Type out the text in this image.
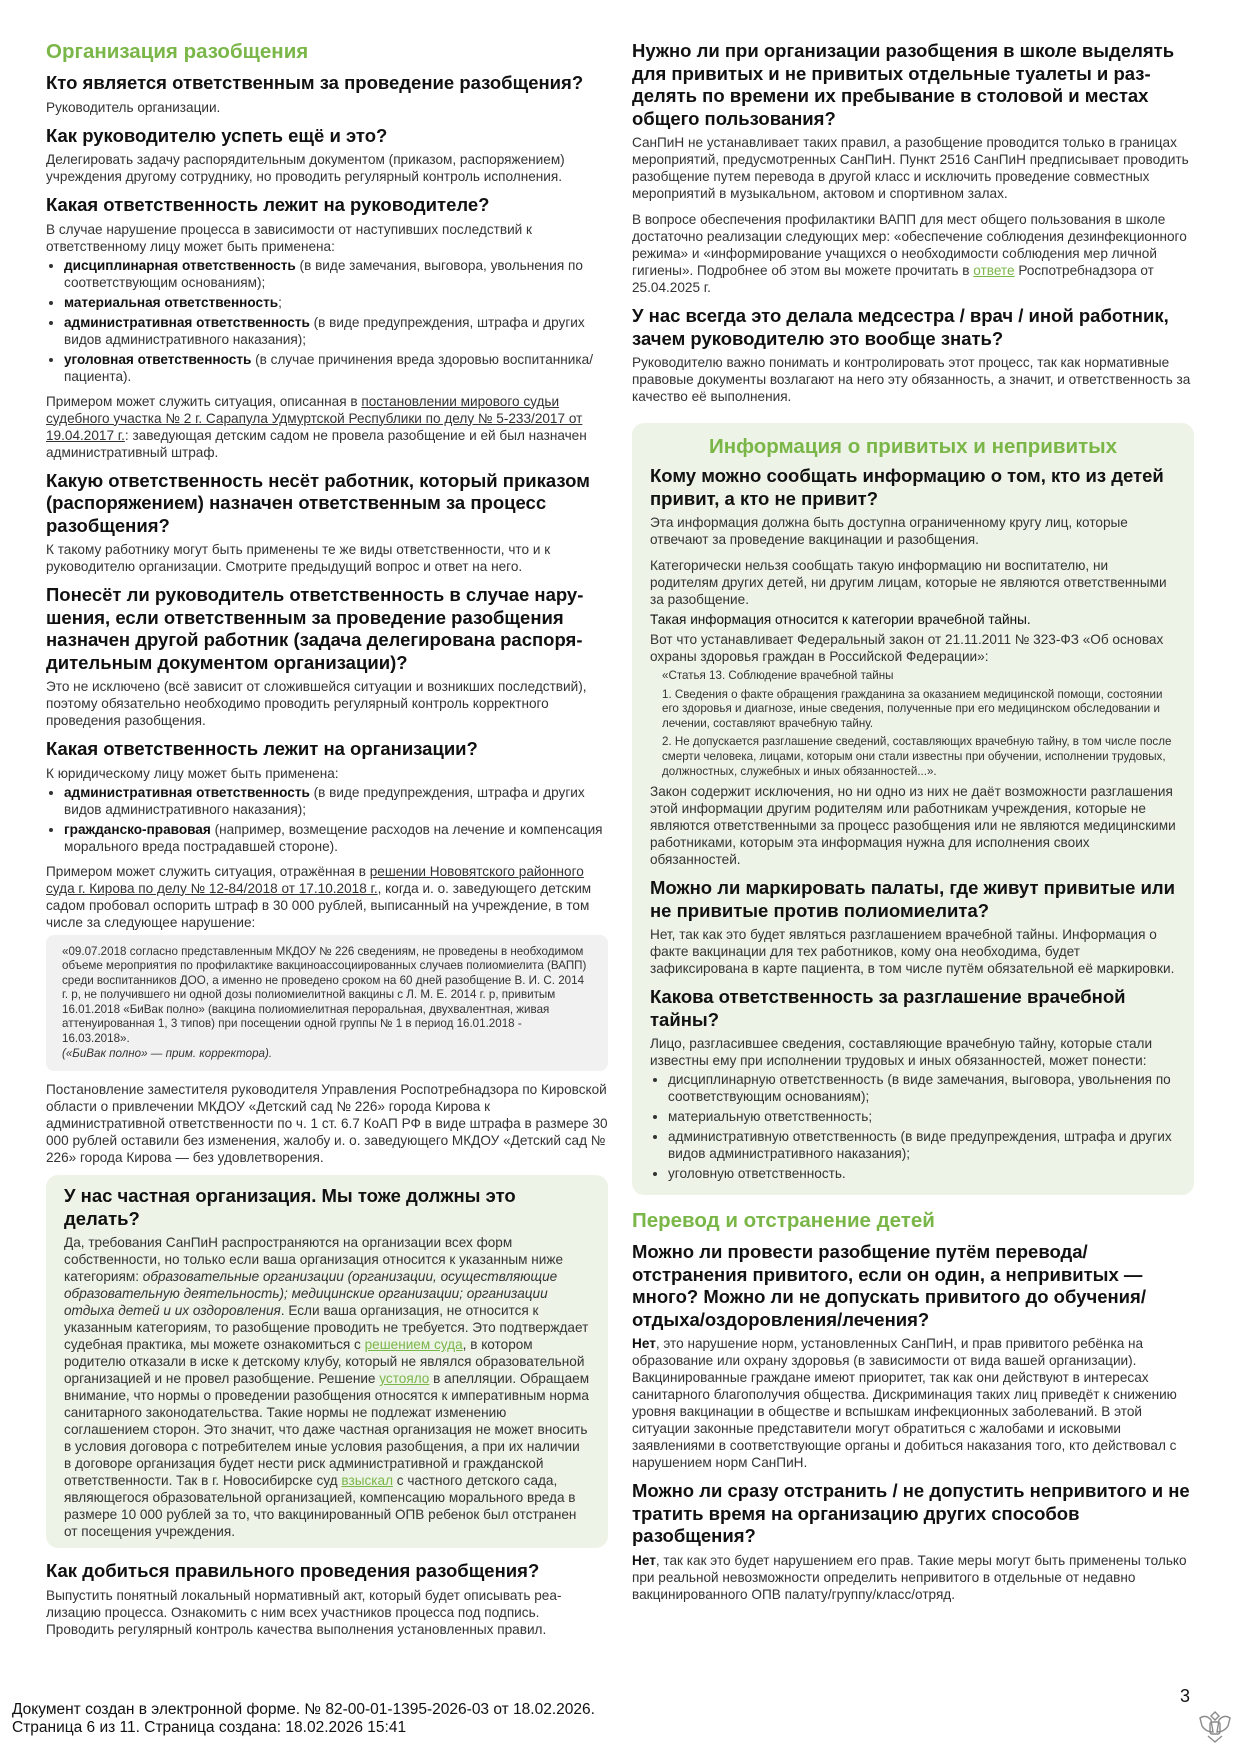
Организация разобщения
Кто является ответственным за проведение разобщения?
Руководитель организации.
Как руководителю успеть ещё и это?
Делегировать задачу распорядительным документом (приказом, распоряжением) учреждения другому сотруднику, но проводить регулярный контроль исполнения.
Какая ответственность лежит на руководителе?
В случае нарушение процесса в зависимости от наступивших последствий к ответственному лицу может быть применена:
• дисциплинарная ответственность (в виде замечания, выговора, увольнения по соответствующим основаниям);
• материальная ответственность;
• административная ответственность (в виде предупреждения, штрафа и других видов административного наказания);
• уголовная ответственность (в случае причинения вреда здоровью воспитанника/пациента).
Примером может служить ситуация, описанная в постановлении мирового судьи судебного участка № 2 г. Сарапула Удмуртской Республики по делу № 5-233/2017 от 19.04.2017 г.: заведующая детским садом не провела разобщение и ей был назначен административный штраф.
Какую ответственность несёт работник, который приказом (распоряжением) назначен ответственным за процесс разобщения?
К такому работнику могут быть применены те же виды ответственности, что и к руководителю организации. Смотрите предыдущий вопрос и ответ на него.
Понесёт ли руководитель ответственность в случае нарушения, если ответственным за проведение разобщения назначен другой работник (задача делегирована распорядительным документом организации)?
Это не исключено (всё зависит от сложившейся ситуации и возникших последствий), поэтому обязательно необходимо проводить регулярный контроль корректного проведения разобщения.
Какая ответственность лежит на организации?
К юридическому лицу может быть применена:
• административная ответственность (в виде предупреждения, штрафа и других видов административного наказания);
• гражданско-правовая (например, возмещение расходов на лечение и компенсация морального вреда пострадавшей стороне).
Примером может служить ситуация, отражённая в решении Нововятского районного суда г. Кирова по делу № 12-84/2018 от 17.10.2018 г., когда и. о. заведующего детским садом пробовал оспорить штраф в 30 000 рублей, выписанный на учреждение, в том числе за следующее нарушение:
«09.07.2018 согласно представленным МКДОУ № 226 сведениям, не проведены в необходимом объеме мероприятия по профилактике вакциноассоциированных случаев полиомиелита (ВАПП) среди воспитанников ДОО, а именно не проведено сроком на 60 дней разобщение В. И. С. 2014 г. р, не получившего ни одной дозы полиомиелитной вакцины с Л. М. Е. 2014 г. р, привитым 16.01.2018 «БиВак полно» (вакцина полиомиелитная пероральная, двухвалентная, живая аттенуированная 1, 3 типов) при посещении одной группы № 1 в период 16.01.2018 - 16.03.2018».
(«БиВак полно» — прим. корректора).
Постановление заместителя руководителя Управления Роспотребнадзора по Кировской области о привлечении МКДОУ «Детский сад № 226» города Кирова к административной ответственности по ч. 1 ст. 6.7 КоАП РФ в виде штрафа в размере 30 000 рублей оставили без изменения, жалобу и. о. заведующего МКДОУ «Детский сад № 226» города Кирова — без удовлетворения.
У нас частная организация. Мы тоже должны это делать?
Да, требования СанПиН распространяются на организации всех форм собственности, но только если ваша организация относится к указанным ниже категориям: образовательные организации (организации, осуществляющие образовательную деятельность); медицинские организации; организации отдыха детей и их оздоровления. Если ваша организация, не относится к указанным категориям, то разобщение проводить не требуется. Это подтверждает судебная практика, мы можете ознакомиться с решением суда, в котором родителю отказали в иске к детскому клубу, который не являлся образовательной организацией и не провел разобщение. Решение устояло в апелляции. Обращаем внимание, что нормы о проведении разобщения относятся к императивным норма санитарного законодательства. Такие нормы не подлежат изменению соглашением сторон. Это значит, что даже частная организация не может вносить в условия договора с потребителем иные условия разобщения, а при их наличии в договоре организация будет нести риск административной и гражданской ответственности. Так в г. Новосибирске суд взыскал с частного детского сада, являющегося образовательной организацией, компенсацию морального вреда в размере 10 000 рублей за то, что вакцинированный ОПВ ребенок был отстранен от посещения учреждения.
Как добиться правильного проведения разобщения?
Выпустить понятный локальный нормативный акт, который будет описывать реализацию процесса. Ознакомить с ним всех участников процесса под подпись. Проводить регулярный контроль качества выполнения установленных правил.
Нужно ли при организации разобщения в школе выделять для привитых и не привитых отдельные туалеты и разделять по времени их пребывание в столовой и местах общего пользования?
СанПиН не устанавливает таких правил, а разобщение проводится только в границах мероприятий, предусмотренных СанПиН. Пункт 2516 СанПиН предписывает проводить разобщение путем перевода в другой класс и исключить проведение совместных мероприятий в музыкальном, актовом и спортивном залах.
В вопросе обеспечения профилактики ВАПП для мест общего пользования в школе достаточно реализации следующих мер: «обеспечение соблюдения дезинфекционного режима» и «информирование учащихся о необходимости соблюдения мер личной гигиены». Подробнее об этом вы можете прочитать в ответе Роспотребнадзора от 25.04.2025 г.
У нас всегда это делала медсестра / врач / иной работник, зачем руководителю это вообще знать?
Руководителю важно понимать и контролировать этот процесс, так как нормативные правовые документы возлагают на него эту обязанность, а значит, и ответственность за качество её выполнения.
Информация о привитых и непривитых
Кому можно сообщать информацию о том, кто из детей привит, а кто не привит?
Эта информация должна быть доступна ограниченному кругу лиц, которые отвечают за проведение вакцинации и разобщения.
Категорически нельзя сообщать такую информацию ни воспитателю, ни родителям других детей, ни другим лицам, которые не являются ответственными за разобщение.
Такая информация относится к категории врачебной тайны.
Вот что устанавливает Федеральный закон от 21.11.2011 № 323-ФЗ «Об основах охраны здоровья граждан в Российской Федерации»:
«Статья 13. Соблюдение врачебной тайны
1. Сведения о факте обращения гражданина за оказанием медицинской помощи, состоянии его здоровья и диагнозе, иные сведения, полученные при его медицинском обследовании и лечении, составляют врачебную тайну.
2. Не допускается разглашение сведений, составляющих врачебную тайну, в том числе после смерти человека, лицами, которым они стали известны при обучении, исполнении трудовых, должностных, служебных и иных обязанностей...».
Закон содержит исключения, но ни одно из них не даёт возможности разглашения этой информации другим родителям или работникам учреждения, которые не являются ответственными за процесс разобщения или не являются медицинскими работниками, которым эта информация нужна для исполнения своих обязанностей.
Можно ли маркировать палаты, где живут привитые или не привитые против полиомиелита?
Нет, так как это будет являться разглашением врачебной тайны. Информация о факте вакцинации для тех работников, кому она необходима, будет зафиксирована в карте пациента, в том числе путём обязательной её маркировки.
Какова ответственность за разглашение врачебной тайны?
Лицо, разгласившее сведения, составляющие врачебную тайну, которые стали известны ему при исполнении трудовых и иных обязанностей, может понести:
• дисциплинарную ответственность (в виде замечания, выговора, увольнения по соответствующим основаниям);
• материальную ответственность;
• административную ответственность (в виде предупреждения, штрафа и других видов административного наказания);
• уголовную ответственность.
Перевод и отстранение детей
Можно ли провести разобщение путём перевода/ отстранения привитого, если он один, а непривитых — много? Можно ли не допускать привитого до обучения/ отдыха/оздоровления/лечения?
Нет, это нарушение норм, установленных СанПиН, и прав привитого ребёнка на образование или охрану здоровья (в зависимости от вида вашей организации). Вакцинированные граждане имеют приоритет, так как они действуют в интересах санитарного благополучия общества. Дискриминация таких лиц приведёт к снижению уровня вакцинации в обществе и вспышкам инфекционных заболеваний. В этой ситуации законные представители могут обратиться с жалобами и исковыми заявлениями в соответствующие органы и добиться наказания того, кто действовал с нарушением норм СанПиН.
Можно ли сразу отстранить / не допустить непривитого и не тратить время на организацию других способов разобщения?
Нет, так как это будет нарушением его прав. Такие меры могут быть применены только при реальной невозможности определить непривитого в отдельные от недавно вакцинированного ОПВ палату/группу/класс/отряд.
3
Документ создан в электронной форме. № 82-00-01-1395-2026-03 от 18.02.2026.
Страница 6 из 11. Страница создана: 18.02.2026 15:41
